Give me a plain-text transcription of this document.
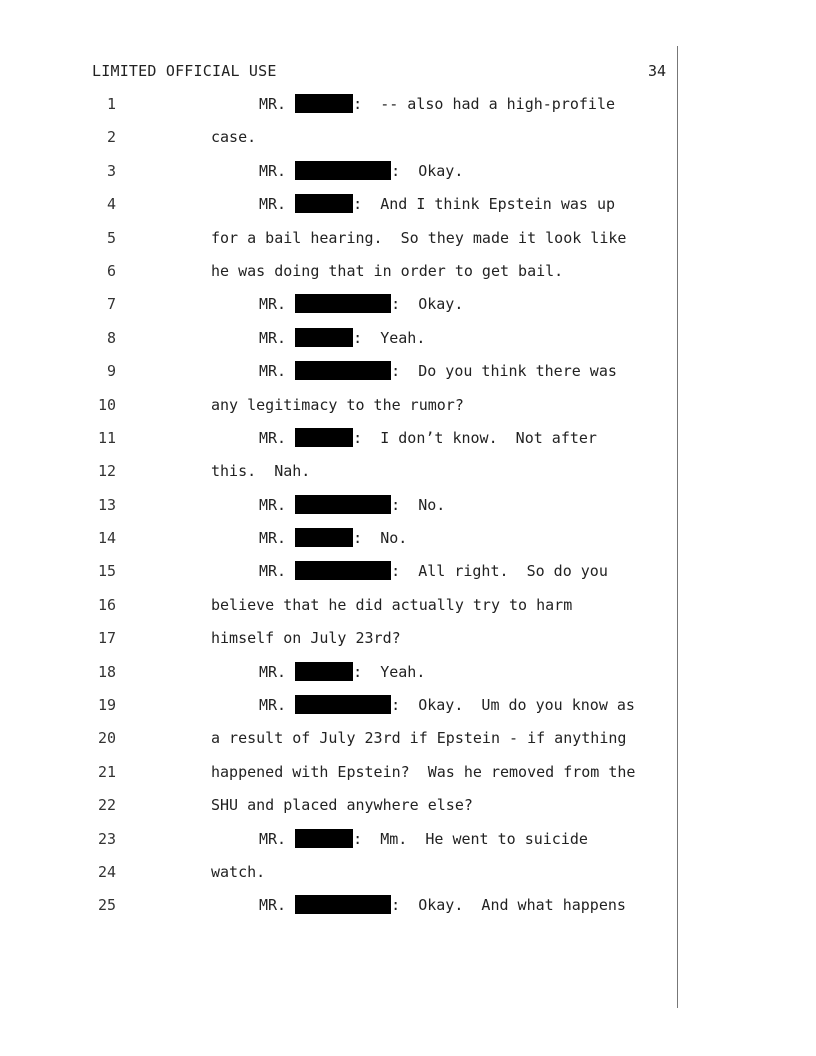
LIMITED OFFICIAL USE	34
1	MR.	:  -- also had a high-profile
2	case.
3	MR.	:  Okay.
4	MR.	:  And I think Epstein was up
5	for a bail hearing.  So they made it look like
6	he was doing that in order to get bail.
7	MR.	:  Okay.
8	MR.	:  Yeah.
9	MR.	:  Do you think there was
10	any legitimacy to the rumor?
11	MR.	:  I don’t know.  Not after
12	this.  Nah.
13	MR.	:  No.
14	MR.	:  No.
15	MR.	:  All right.  So do you
16	believe that he did actually try to harm
17	himself on July 23rd?
18	MR.	:  Yeah.
19	MR.	:  Okay.  Um do you know as
20	a result of July 23rd if Epstein - if anything
21	happened with Epstein?  Was he removed from the
22	SHU and placed anywhere else?
23	MR.	:  Mm.  He went to suicide
24	watch.
25	MR.	:  Okay.  And what happens
